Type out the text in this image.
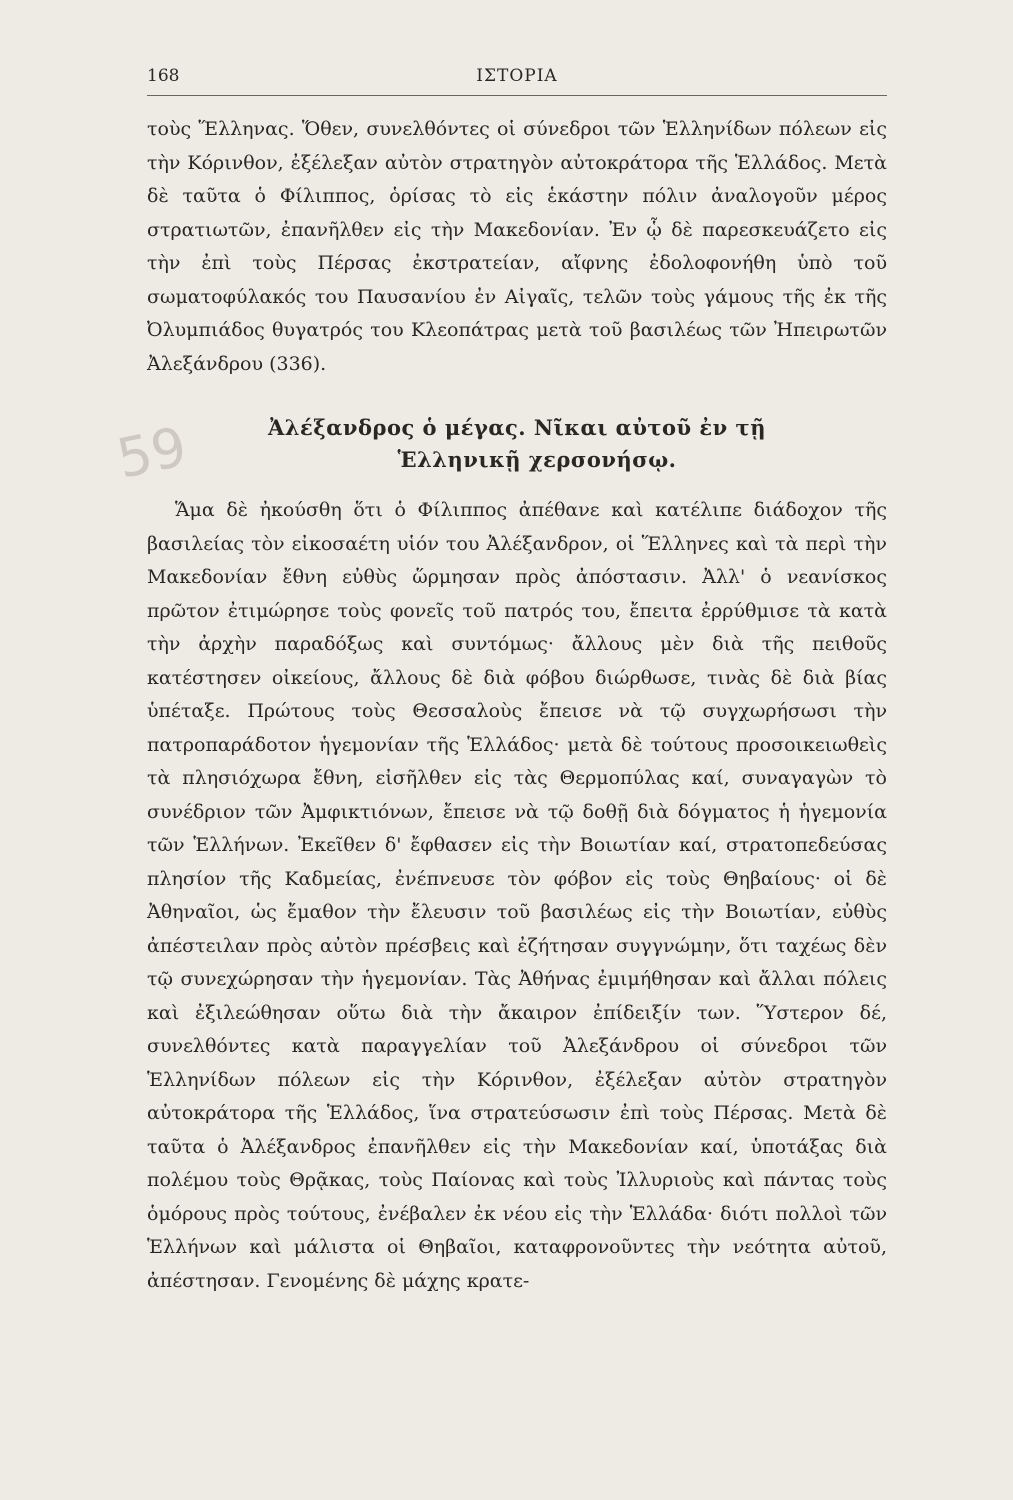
168	ΙΣΤΟΡΙΑ

τοὺς Ἕλληνας. Ὅθεν, συνελθόντες οἱ σύνεδροι τῶν Ἑλληνίδων πόλεων εἰς τὴν Κόρινθον, ἐξέλεξαν αὐτὸν στρατηγὸν αὐτοκράτορα τῆς Ἑλλάδος. Μετὰ δὲ ταῦτα ὁ Φίλιππος, ὁρίσας τὸ εἰς ἑκάστην πόλιν ἀναλογοῦν μέρος στρατιωτῶν, ἐπανῆλθεν εἰς τὴν Μακεδονίαν. Ἐν ᾧ δὲ παρεσκευάζετο εἰς τὴν ἐπὶ τοὺς Πέρσας ἐκστρατείαν, αἴφνης ἐδολοφονήθη ὑπὸ τοῦ σωματοφύλακός του Παυσανίου ἐν Αἰγαῖς, τελῶν τοὺς γάμους τῆς ἐκ τῆς Ὀλυμπιάδος θυγατρός του Κλεοπάτρας μετὰ τοῦ βασιλέως τῶν Ἠπειρωτῶν Ἀλεξάνδρου (336).

59	Ἀλέξανδρος ὁ μέγας. Νῖκαι αὐτοῦ ἐν τῇ
Ἑλληνικῇ χερσονήσῳ.

Ἅμα δὲ ἠκούσθη ὅτι ὁ Φίλιππος ἀπέθανε καὶ κατέλιπε διάδοχον τῆς βασιλείας τὸν εἰκοσαέτη υἱόν του Ἀλέξανδρον, οἱ Ἕλληνες καὶ τὰ περὶ τὴν Μακεδονίαν ἔθνη εὐθὺς ὥρμησαν πρὸς ἀπόστασιν. Ἀλλ' ὁ νεανίσκος πρῶτον ἐτιμώρησε τοὺς φονεῖς τοῦ πατρός του, ἔπειτα ἐρρύθμισε τὰ κατὰ τὴν ἀρχὴν παραδόξως καὶ συντόμως· ἄλλους μὲν διὰ τῆς πειθοῦς κατέστησεν οἰκείους, ἄλλους δὲ διὰ φόβου διώρθωσε, τινὰς δὲ διὰ βίας ὑπέταξε. Πρώτους τοὺς Θεσσαλοὺς ἔπεισε νὰ τῷ συγχωρήσωσι τὴν πατροπαράδοτον ἡγεμονίαν τῆς Ἑλλάδος· μετὰ δὲ τούτους προσοικειωθεὶς τὰ πλησιόχωρα ἔθνη, εἰσῆλθεν εἰς τὰς Θερμοπύλας καί, συναγαγὼν τὸ συνέδριον τῶν Ἀμφικτιόνων, ἔπεισε νὰ τῷ δοθῇ διὰ δόγματος ἡ ἡγεμονία τῶν Ἑλλήνων. Ἐκεῖθεν δ' ἔφθασεν εἰς τὴν Βοιωτίαν καί, στρατοπεδεύσας πλησίον τῆς Καδμείας, ἐνέπνευσε τὸν φόβον εἰς τοὺς Θηβαίους· οἱ δὲ Ἀθηναῖοι, ὡς ἔμαθον τὴν ἔλευσιν τοῦ βασιλέως εἰς τὴν Βοιωτίαν, εὐθὺς ἀπέστειλαν πρὸς αὐτὸν πρέσβεις καὶ ἐζήτησαν συγγνώμην, ὅτι ταχέως δὲν τῷ συνεχώρησαν τὴν ἡγεμονίαν. Τὰς Ἀθήνας ἐμιμήθησαν καὶ ἄλλαι πόλεις καὶ ἐξιλεώθησαν οὕτω διὰ τὴν ἄκαιρον ἐπίδειξίν των. Ὕστερον δέ, συνελθόντες κατὰ παραγγελίαν τοῦ Ἀλεξάνδρου οἱ σύνεδροι τῶν Ἑλληνίδων πόλεων εἰς τὴν Κόρινθον, ἐξέλεξαν αὐτὸν στρατηγὸν αὐτοκράτορα τῆς Ἑλλάδος, ἵνα στρατεύσωσιν ἐπὶ τοὺς Πέρσας. Μετὰ δὲ ταῦτα ὁ Ἀλέξανδρος ἐπανῆλθεν εἰς τὴν Μακεδονίαν καί, ὑποτάξας διὰ πολέμου τοὺς Θρᾷκας, τοὺς Παίονας καὶ τοὺς Ἰλλυριοὺς καὶ πάντας τοὺς ὁμόρους πρὸς τούτους, ἐνέβαλεν ἐκ νέου εἰς τὴν Ἑλλάδα· διότι πολλοὶ τῶν Ἑλλήνων καὶ μάλιστα οἱ Θηβαῖοι, καταφρονοῦντες τὴν νεότητα αὐτοῦ, ἀπέστησαν. Γενομένης δὲ μάχης κρατε-
